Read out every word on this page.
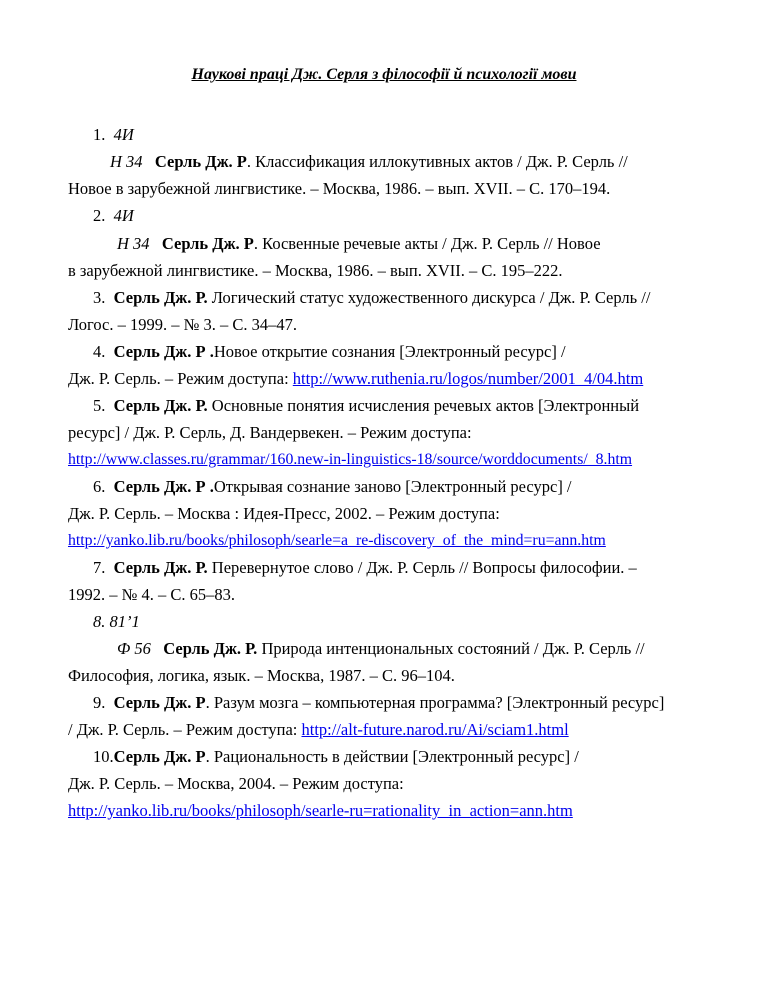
Наукові праці Дж. Серля з філософії й психології мови
1. 4И
Н 34 Серль Дж. Р. Классификация иллокутивных актов / Дж. Р. Серль //
Новое в зарубежной лингвистике. – Москва, 1986. – вып. XVII. – С. 170–194.
2. 4И
Н 34 Серль Дж. Р. Косвенные речевые акты / Дж. Р. Серль // Новое
в зарубежной лингвистике. – Москва, 1986. – вып. XVII. – С. 195–222.
3. Серль Дж. Р. Логический статус художественного дискурса / Дж. Р. Серль //
Логос. – 1999. – № 3. – С. 34–47.
4. Серль Дж. Р .Новое открытие сознания [Электронный ресурс] /
Дж. Р. Серль. – Режим доступа: http://www.ruthenia.ru/logos/number/2001_4/04.htm
5. Серль Дж. Р. Основные понятия исчисления речевых актов [Электронный
ресурс] / Дж. Р. Серль, Д. Вандервекен. – Режим доступа:
http://www.classes.ru/grammar/160.new-in-linguistics-18/source/worddocuments/_8.htm
6. Серль Дж. Р .Открывая сознание заново [Электронный ресурс] /
Дж. Р. Серль. – Москва : Идея-Пресс, 2002. – Режим доступа:
http://yanko.lib.ru/books/philosoph/searle=a_re-discovery_of_the_mind=ru=ann.htm
7. Серль Дж. Р. Перевернутое слово / Дж. Р. Серль // Вопросы философии. –
1992. – № 4. – С. 65–83.
8. 81’1
Ф 56 Серль Дж. Р. Природа интенциональных состояний / Дж. Р. Серль //
Философия, логика, язык. – Москва, 1987. – С. 96–104.
9. Серль Дж. Р. Разум мозга – компьютерная программа? [Электронный ресурс]
/ Дж. Р. Серль. – Режим доступа: http://alt-future.narod.ru/Ai/sciam1.html
10.Серль Дж. Р. Рациональность в действии [Электронный ресурс] /
Дж. Р. Серль. – Москва, 2004. – Режим доступа:
http://yanko.lib.ru/books/philosoph/searle-ru=rationality_in_action=ann.htm
